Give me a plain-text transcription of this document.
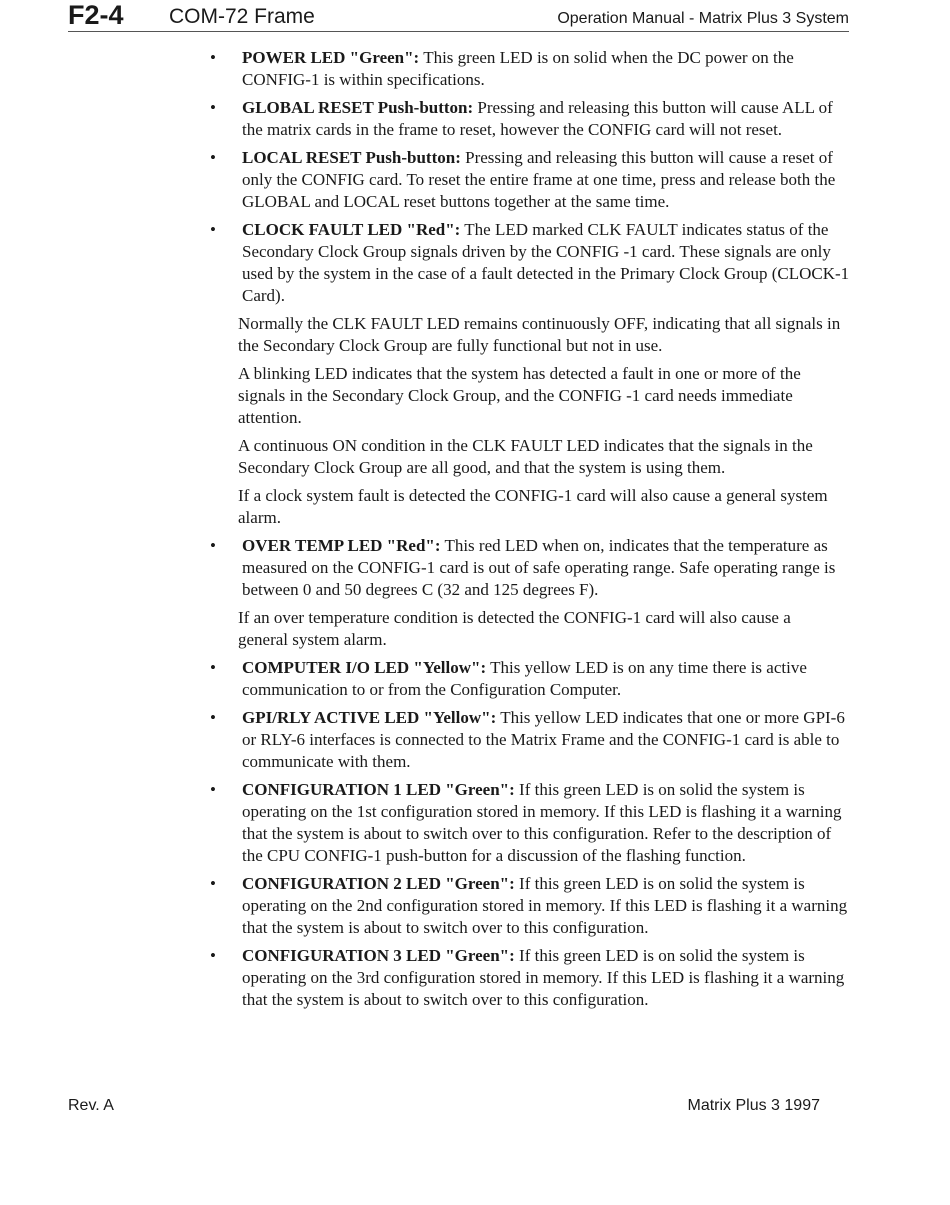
F2-4 COM-72 Frame	Operation Manual - Matrix Plus 3 System
• POWER LED "Green": This green LED is on solid when the DC power on the CONFIG-1 is within specifications.
• GLOBAL RESET Push-button: Pressing and releasing this button will cause ALL of the matrix cards in the frame to reset, however the CONFIG card will not reset.
• LOCAL RESET Push-button: Pressing and releasing this button will cause a reset of only the CONFIG card. To reset the entire frame at one time, press and release both the GLOBAL and LOCAL reset buttons together at the same time.
• CLOCK FAULT LED "Red": The LED marked CLK FAULT indicates status of the Secondary Clock Group signals driven by the CONFIG -1 card. These signals are only used by the system in the case of a fault detected in the Primary Clock Group (CLOCK-1 Card).
Normally the CLK FAULT LED remains continuously OFF, indicating that all signals in the Secondary Clock Group are fully functional but not in use.
A blinking LED indicates that the system has detected a fault in one or more of the signals in the Secondary Clock Group, and the CONFIG -1 card needs immediate attention.
A continuous ON condition in the CLK FAULT LED indicates that the signals in the Secondary Clock Group are all good, and that the system is using them.
If a clock system fault is detected the CONFIG-1 card will also cause a general system alarm.
• OVER TEMP LED "Red": This red LED when on, indicates that the temperature as measured on the CONFIG-1 card is out of safe operating range. Safe operating range is between 0 and 50 degrees C (32 and 125 degrees F).
If an over temperature condition is detected the CONFIG-1 card will also cause a general system alarm.
• COMPUTER I/O LED "Yellow": This yellow LED is on any time there is active communication to or from the Configuration Computer.
• GPI/RLY ACTIVE LED "Yellow": This yellow LED indicates that one or more GPI-6 or RLY-6 interfaces is connected to the Matrix Frame and the CONFIG-1 card is able to communicate with them.
• CONFIGURATION 1 LED "Green": If this green LED is on solid the system is operating on the 1st configuration stored in memory. If this LED is flashing it a warning that the system is about to switch over to this configuration. Refer to the description of the CPU CONFIG-1 push-button for a discussion of the flashing function.
• CONFIGURATION 2 LED "Green": If this green LED is on solid the system is operating on the 2nd configuration stored in memory. If this LED is flashing it a warning that the system is about to switch over to this configuration.
• CONFIGURATION 3 LED "Green": If this green LED is on solid the system is operating on the 3rd configuration stored in memory. If this LED is flashing it a warning that the system is about to switch over to this configuration.
Rev. A	Matrix Plus 3 1997
